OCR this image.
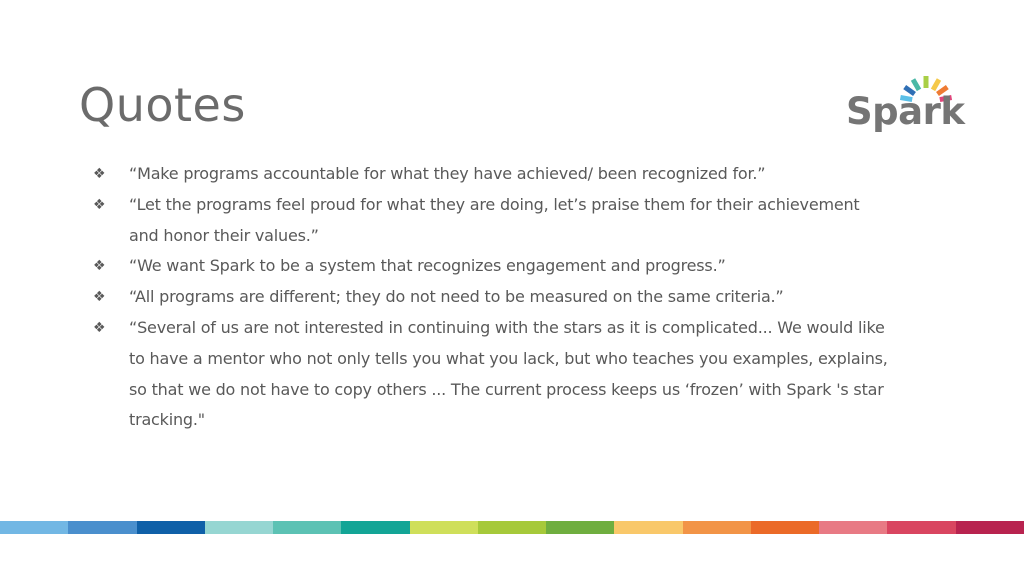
Quotes	Spark
❖	“Make programs accountable for what they have achieved/ been recognized for.”
❖	“Let the programs feel proud for what they are doing, let’s praise them for their achievement and honor their values.”
❖	“We want Spark to be a system that recognizes engagement and progress.”
❖	“All programs are different; they do not need to be measured on the same criteria.”
❖	“Several of us are not interested in continuing with the stars as it is complicated... We would like to have a mentor who not only tells you what you lack, but who teaches you examples, explains, so that we do not have to copy others ... The current process keeps us ‘frozen’ with Spark 's star tracking."
